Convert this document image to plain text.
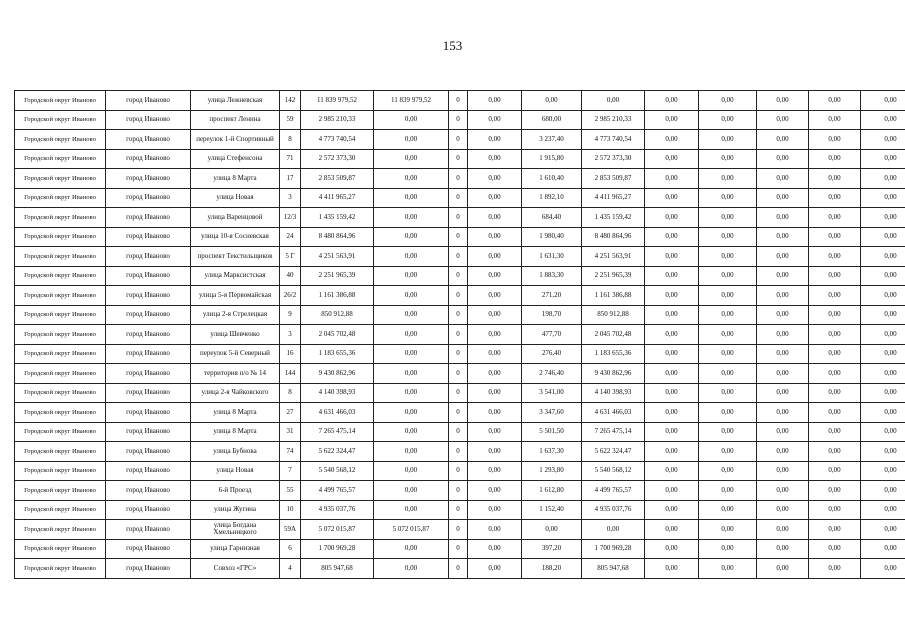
153
Городской округ Иваново	город Иваново	улица Лежневская	142	11 839 979,52	11 839 979,52	0	0,00	0,00	0,00	0,00	0,00	0,00	0,00	0,00
Городской округ Иваново	город Иваново	проспект Ленина	59	2 985 210,33	0,00	0	0,00	680,00	2 985 210,33	0,00	0,00	0,00	0,00	0,00
Городской округ Иваново	город Иваново	переулок 1-й Спортивный	8	4 773 740,54	0,00	0	0,00	3 237,40	4 773 740,54	0,00	0,00	0,00	0,00	0,00
Городской округ Иваново	город Иваново	улица Стефенсона	71	2 572 373,30	0,00	0	0,00	1 915,80	2 572 373,30	0,00	0,00	0,00	0,00	0,00
Городской округ Иваново	город Иваново	улица 8 Марта	17	2 853 509,87	0,00	0	0,00	1 610,40	2 853 509,87	0,00	0,00	0,00	0,00	0,00
Городской округ Иваново	город Иваново	улица Новая	3	4 411 965,27	0,00	0	0,00	1 892,10	4 411 965,27	0,00	0,00	0,00	0,00	0,00
Городской округ Иваново	город Иваново	улица Варенцовой	12/3	1 435 159,42	0,00	0	0,00	684,40	1 435 159,42	0,00	0,00	0,00	0,00	0,00
Городской округ Иваново	город Иваново	улица 10-я Сосневская	24	8 480 864,96	0,00	0	0,00	1 980,40	8 480 864,96	0,00	0,00	0,00	0,00	0,00
Городской округ Иваново	город Иваново	проспект Текстильщиков	5 Г	4 251 563,91	0,00	0	0,00	1 631,30	4 251 563,91	0,00	0,00	0,00	0,00	0,00
Городской округ Иваново	город Иваново	улица Марксистская	40	2 251 965,39	0,00	0	0,00	1 883,30	2 251 965,39	0,00	0,00	0,00	0,00	0,00
Городской округ Иваново	город Иваново	улица 5-я Первомайская	26/2	1 161 386,88	0,00	0	0,00	271,20	1 161 386,88	0,00	0,00	0,00	0,00	0,00
Городской округ Иваново	город Иваново	улица 2-я Стрелецкая	9	850 912,88	0,00	0	0,00	198,70	850 912,88	0,00	0,00	0,00	0,00	0,00
Городской округ Иваново	город Иваново	улица Шевченко	3	2 045 702,48	0,00	0	0,00	477,70	2 045 702,48	0,00	0,00	0,00	0,00	0,00
Городской округ Иваново	город Иваново	переулок 5-й Северный	16	1 183 655,36	0,00	0	0,00	276,40	1 183 655,36	0,00	0,00	0,00	0,00	0,00
Городской округ Иваново	город Иваново	территория п/о № 14	144	9 430 862,96	0,00	0	0,00	2 746,40	9 430 862,96	0,00	0,00	0,00	0,00	0,00
Городской округ Иваново	город Иваново	улица 2-я Чайковского	8	4 140 398,93	0,00	0	0,00	3 541,00	4 140 398,93	0,00	0,00	0,00	0,00	0,00
Городской округ Иваново	город Иваново	улица 8 Марта	27	4 631 466,03	0,00	0	0,00	3 347,60	4 631 466,03	0,00	0,00	0,00	0,00	0,00
Городской округ Иваново	город Иваново	улица 8 Марта	31	7 265 475,14	0,00	0	0,00	5 501,50	7 265 475,14	0,00	0,00	0,00	0,00	0,00
Городской округ Иваново	город Иваново	улица Бубнова	74	5 622 324,47	0,00	0	0,00	1 637,30	5 622 324,47	0,00	0,00	0,00	0,00	0,00
Городской округ Иваново	город Иваново	улица Новая	7	5 540 568,12	0,00	0	0,00	1 293,80	5 540 568,12	0,00	0,00	0,00	0,00	0,00
Городской округ Иваново	город Иваново	6-й Проезд	55	4 499 765,57	0,00	0	0,00	1 612,80	4 499 765,57	0,00	0,00	0,00	0,00	0,00
Городской округ Иваново	город Иваново	улица Жугина	10	4 935 037,76	0,00	0	0,00	1 152,40	4 935 037,76	0,00	0,00	0,00	0,00	0,00
Городской округ Иваново	город Иваново	улица Богдана Хмельницкого	59А	5 072 015,87	5 072 015,87	0	0,00	0,00	0,00	0,00	0,00	0,00	0,00	0,00
Городской округ Иваново	город Иваново	улица Гарнизная	6	1 700 969,28	0,00	0	0,00	397,20	1 700 969,28	0,00	0,00	0,00	0,00	0,00
Городской округ Иваново	город Иваново	Совхоз «ГРС»	4	805 947,68	0,00	0	0,00	188,20	805 947,68	0,00	0,00	0,00	0,00	0,00
